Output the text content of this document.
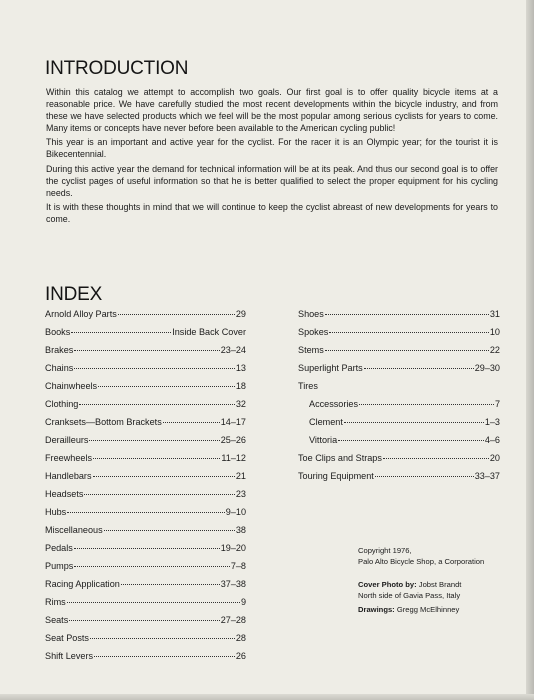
INTRODUCTION

Within this catalog we attempt to accomplish two goals. Our first goal is to offer quality bicycle items at a reasonable price. We have carefully studied the most recent developments within the bicycle industry, and from these we have selected products which we feel will be the most popular among serious cyclists for years to come. Many items or concepts have never before been available to the American cycling public!

This year is an important and active year for the cyclist. For the racer it is an Olympic year; for the tourist it is Bikecentennial.

During this active year the demand for technical information will be at its peak. And thus our second goal is to offer the cyclist pages of useful information so that he is better qualified to select the proper equipment for his cycling needs.

It is with these thoughts in mind that we will continue to keep the cyclist abreast of new developments for years to come.

INDEX
Arnold Alloy Parts	29
Books	Inside Back Cover
Brakes	23–24
Chains	13
Chainwheels	18
Clothing	32
Cranksets—Bottom Brackets	14–17
Derailleurs	25–26
Freewheels	11–12
Handlebars	21
Headsets	23
Hubs	9–10
Miscellaneous	38
Pedals	19–20
Pumps	7–8
Racing Application	37–38
Rims	9
Seats	27–28
Seat Posts	28
Shift Levers	26
Shoes	31
Spokes	10
Stems	22
Superlight Parts	29–30
Tires
Accessories	7
Clement	1–3
Vittoria	4–6
Toe Clips and Straps	20
Touring Equipment	33–37
Copyright 1976,
Palo Alto Bicycle Shop, a Corporation
Cover Photo by: Jobst Brandt
North side of Gavia Pass, Italy
Drawings: Gregg McElhinney
